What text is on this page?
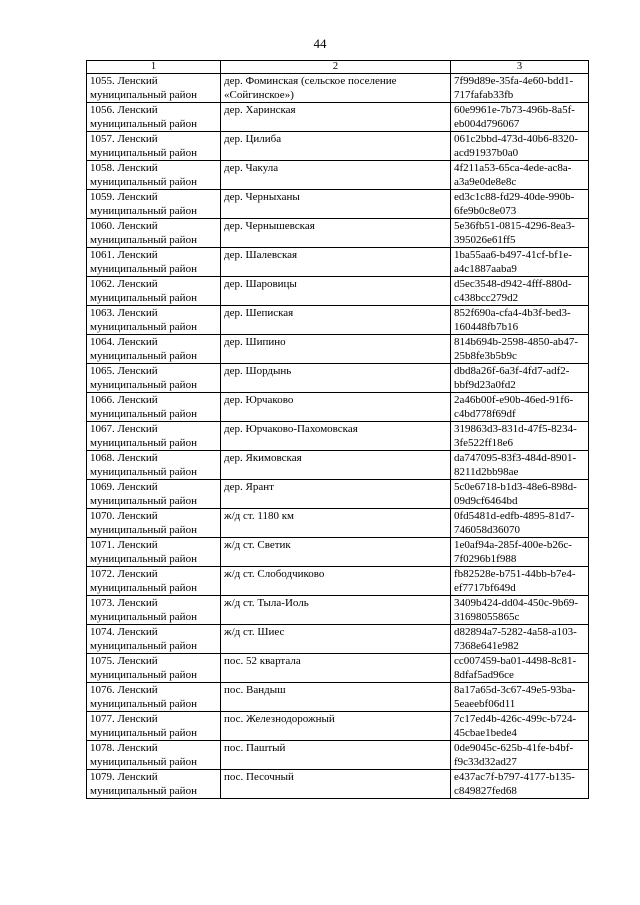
44
1	2	3

1055. Ленский
муниципальный район	дер. Фоминская (сельское поселение «Сойгинское»)	7f99d89e-35fa-4e60-bdd1-
717fafab33fb

1056. Ленский
муниципальный район	дер. Харинская	60e9961e-7b73-496b-8a5f-
eb004d796067

1057. Ленский
муниципальный район	дер. Цилиба	061c2bbd-473d-40b6-8320-
acd91937b0a0

1058. Ленский
муниципальный район	дер. Чакула	4f211a53-65ca-4ede-ac8a-
a3a9e0de8e8c

1059. Ленский
муниципальный район	дер. Черныханы	ed3c1c88-fd29-40de-990b-
6fe9b0c8e073

1060. Ленский
муниципальный район	дер. Чернышевская	5e36fb51-0815-4296-8ea3-
395026e61ff5

1061. Ленский
муниципальный район	дер. Шалевская	1ba55aa6-b497-41cf-bf1e-
a4c1887aaba9

1062. Ленский
муниципальный район	дер. Шаровицы	d5ec3548-d942-4fff-880d-
c438bcc279d2

1063. Ленский
муниципальный район	дер. Шепиская	852f690a-cfa4-4b3f-bed3-
160448fb7b16

1064. Ленский
муниципальный район	дер. Шипино	814b694b-2598-4850-ab47-
25b8fe3b5b9c

1065. Ленский
муниципальный район	дер. Шордынь	dbd8a26f-6a3f-4fd7-adf2-
bbf9d23a0fd2

1066. Ленский
муниципальный район	дер. Юрчаково	2a46b00f-e90b-46ed-91f6-
c4bd778f69df

1067. Ленский
муниципальный район	дер. Юрчаково-Пахомовская	319863d3-831d-47f5-8234-
3fe522ff18e6

1068. Ленский
муниципальный район	дер. Якимовская	da747095-83f3-484d-8901-
8211d2bb98ae

1069. Ленский
муниципальный район	дер. Ярант	5c0e6718-b1d3-48e6-898d-
09d9cf6464bd

1070. Ленский
муниципальный район	ж/д ст. 1180 км	0fd5481d-edfb-4895-81d7-
746058d36070

1071. Ленский
муниципальный район	ж/д ст. Светик	1e0af94a-285f-400e-b26c-
7f0296b1f988

1072. Ленский
муниципальный район	ж/д ст. Слободчиково	fb82528e-b751-44bb-b7e4-
ef7717bf649d

1073. Ленский
муниципальный район	ж/д ст. Тыла-Иоль	3409b424-dd04-450c-9b69-
31698055865c

1074. Ленский
муниципальный район	ж/д ст. Шиес	d82894a7-5282-4a58-a103-
7368e641e982

1075. Ленский
муниципальный район	пос. 52 квартала	cc007459-ba01-4498-8c81-
8dfaf5ad96ce

1076. Ленский
муниципальный район	пос. Вандыш	8a17a65d-3c67-49e5-93ba-
5eaeebf06d11

1077. Ленский
муниципальный район	пос. Железнодорожный	7c17ed4b-426c-499c-b724-
45cbae1bede4

1078. Ленский
муниципальный район	пос. Паштый	0de9045c-625b-41fe-b4bf-
f9c33d32ad27

1079. Ленский
муниципальный район	пос. Песочный	e437ac7f-b797-4177-b135-
c849827fed68
